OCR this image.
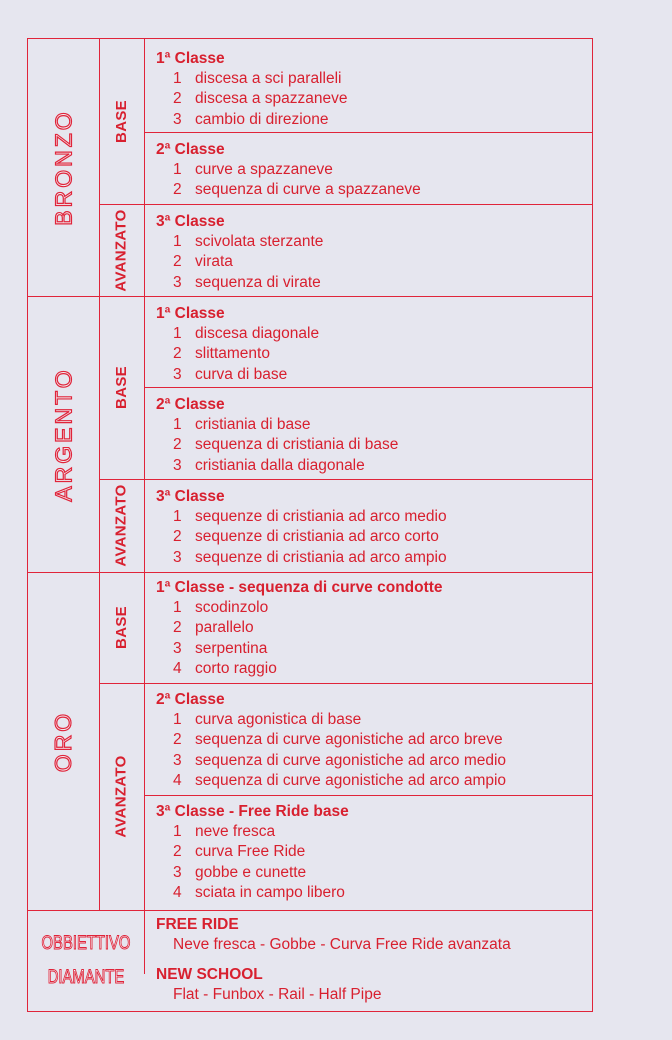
BRONZO
ARGENTO
ORO
BASE
AVANZATO
BASE
AVANZATO
BASE
AVANZATO
1ª Classe
1 discesa a sci paralleli
2 discesa a spazzaneve
3 cambio di direzione
2ª Classe
1 curve a spazzaneve
2 sequenza di curve a spazzaneve
3ª Classe
1 scivolata sterzante
2 virata
3 sequenza di virate
1ª Classe
1 discesa diagonale
2 slittamento
3 curva di base
2ª Classe
1 cristiania di base
2 sequenza di cristiania di base
3 cristiania dalla diagonale
3ª Classe
1 sequenze di cristiania ad arco medio
2 sequenze di cristiania ad arco corto
3 sequenze di cristiania ad arco ampio
1ª Classe - sequenza di curve condotte
1 scodinzolo
2 parallelo
3 serpentina
4 corto raggio
2ª Classe
1 curva agonistica di base
2 sequenza di curve agonistiche ad arco breve
3 sequenza di curve agonistiche ad arco medio
4 sequenza di curve agonistiche ad arco ampio
3ª Classe - Free Ride base
1 neve fresca
2 curva Free Ride
3 gobbe e cunette
4 sciata in campo libero
OBBIETTIVO
DIAMANTE
FREE RIDE
Neve fresca - Gobbe - Curva Free Ride avanzata
NEW SCHOOL
Flat - Funbox - Rail - Half Pipe
